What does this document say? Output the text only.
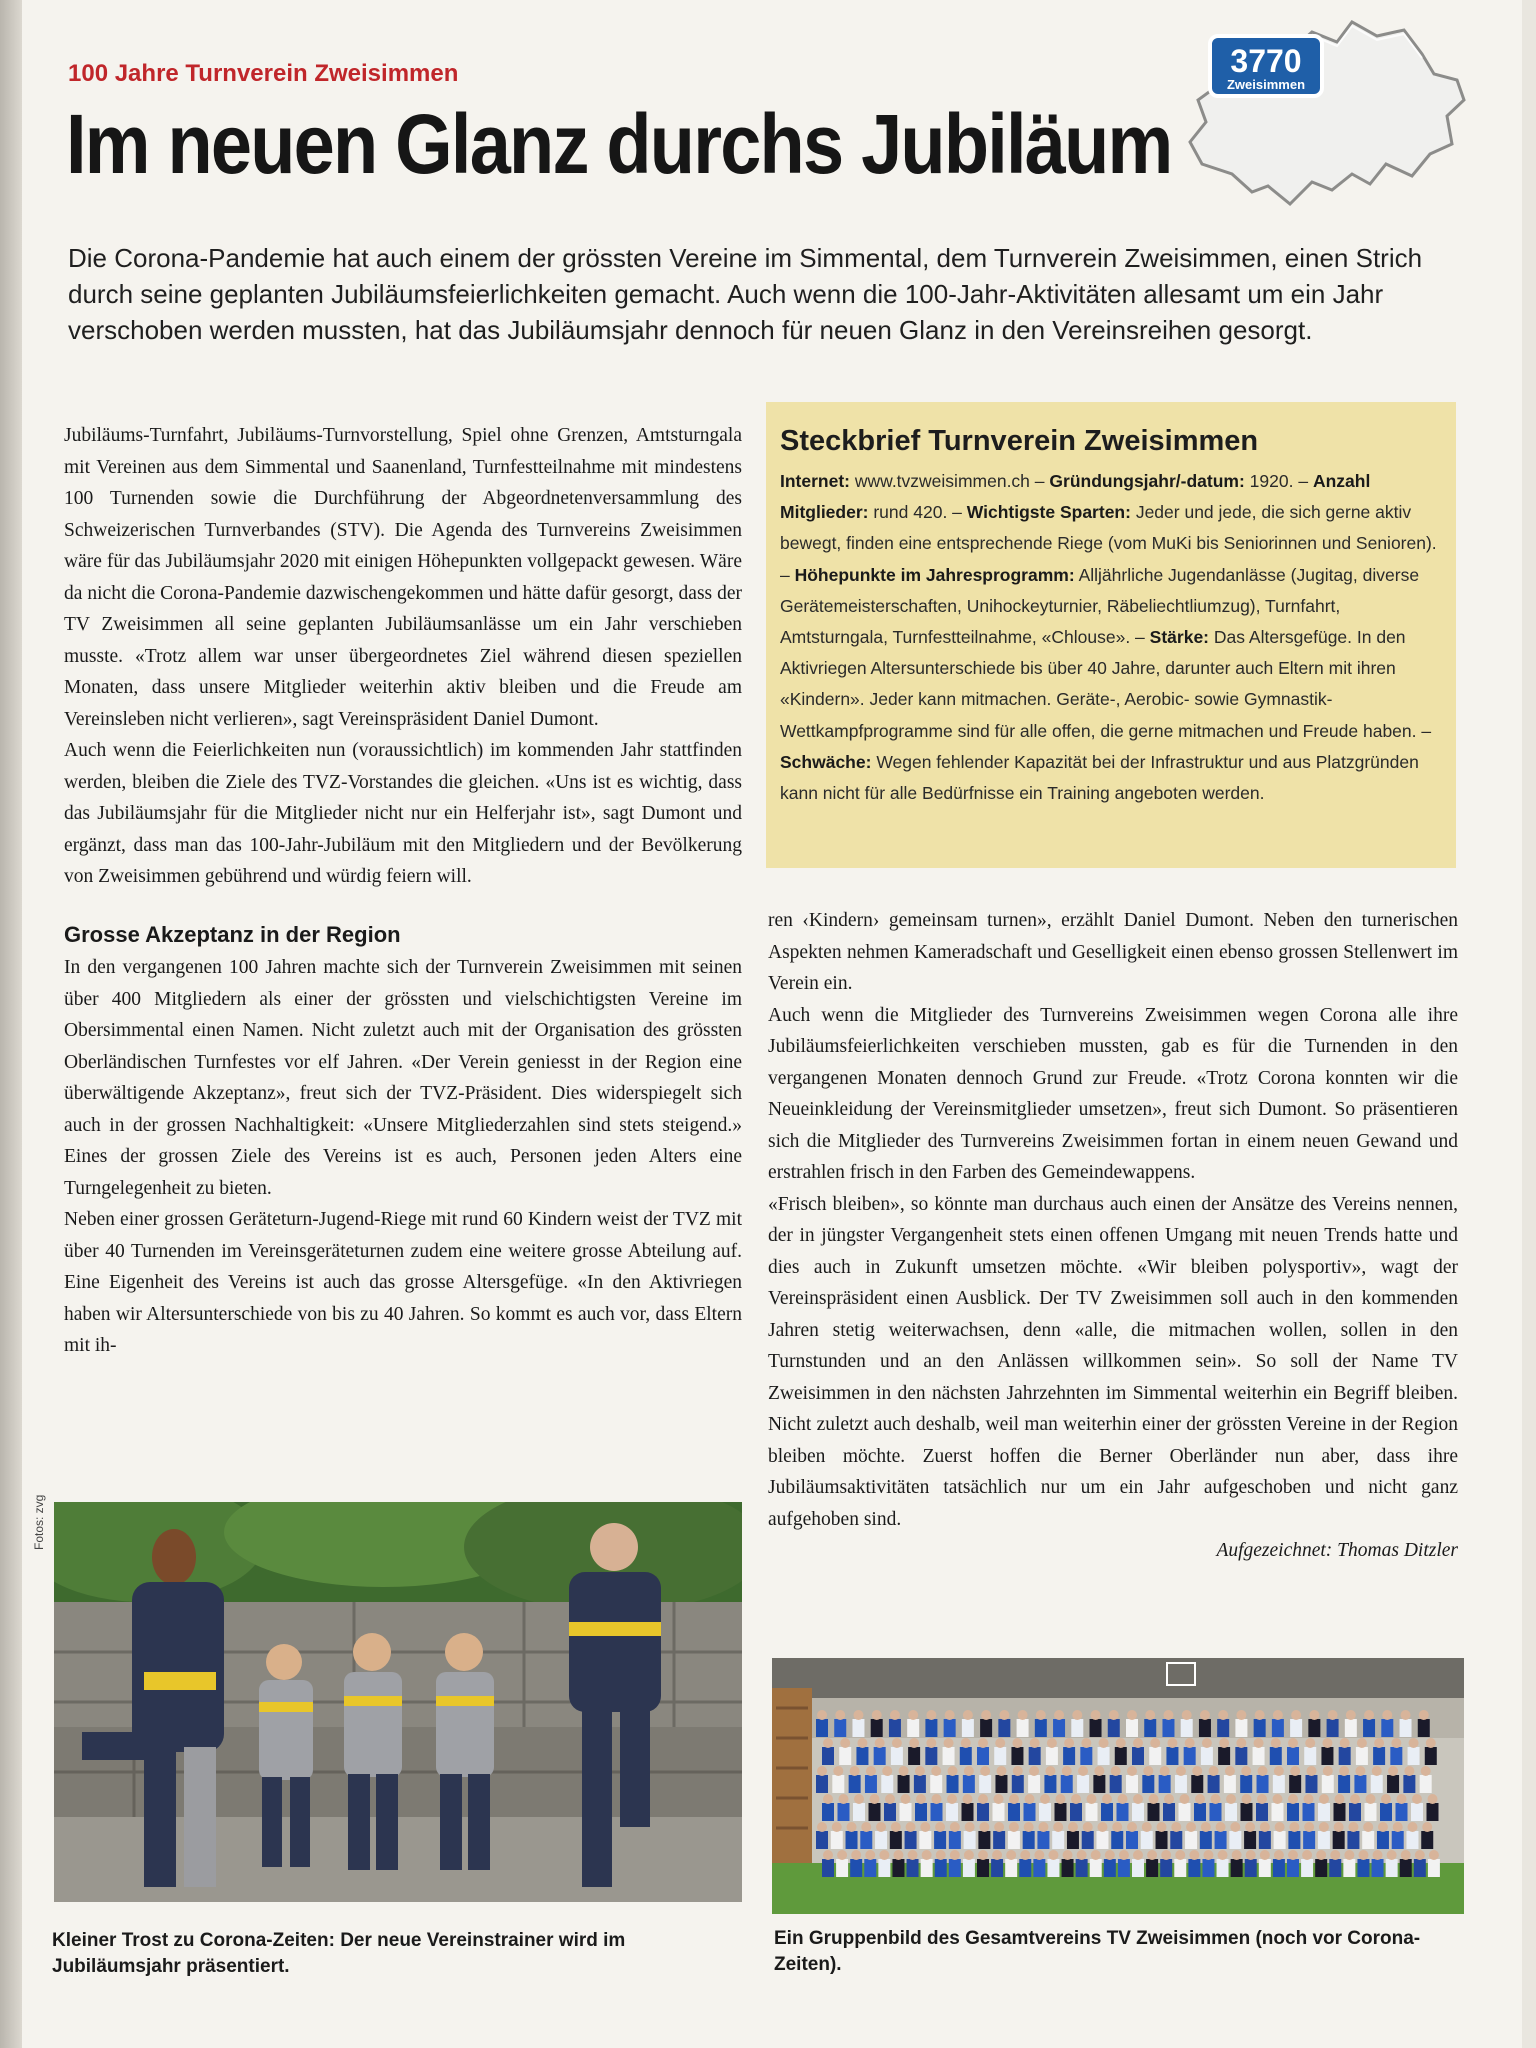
100 Jahre Turnverein Zweisimmen
Im neuen Glanz durchs Jubiläum
3770
Zweisimmen
Die Corona-Pandemie hat auch einem der grössten Vereine im Simmental, dem Turnverein Zweisimmen, einen Strich durch seine geplanten Jubiläumsfeierlichkeiten gemacht. Auch wenn die 100-Jahr-Aktivitäten allesamt um ein Jahr verschoben werden mussten, hat das Jubiläumsjahr dennoch für neuen Glanz in den Vereinsreihen gesorgt.

Jubiläums-Turnfahrt, Jubiläums-Turnvorstellung, Spiel ohne Grenzen, Amtsturngala mit Vereinen aus dem Simmental und Saanenland, Turnfestteilnahme mit mindestens 100 Turnenden sowie die Durchführung der Abgeordnetenversammlung des Schweizerischen Turnverbandes (STV). Die Agenda des Turnvereins Zweisimmen wäre für das Jubiläumsjahr 2020 mit einigen Höhepunkten vollgepackt gewesen. Wäre da nicht die Corona-Pandemie dazwischengekommen und hätte dafür gesorgt, dass der TV Zweisimmen all seine geplanten Jubiläumsanlässe um ein Jahr verschieben musste. «Trotz allem war unser übergeordnetes Ziel während diesen speziellen Monaten, dass unsere Mitglieder weiterhin aktiv bleiben und die Freude am Vereinsleben nicht verlieren», sagt Vereinspräsident Daniel Dumont.

Auch wenn die Feierlichkeiten nun (voraussichtlich) im kommenden Jahr stattfinden werden, bleiben die Ziele des TVZ-Vorstandes die gleichen. «Uns ist es wichtig, dass das Jubiläumsjahr für die Mitglieder nicht nur ein Helferjahr ist», sagt Dumont und ergänzt, dass man das 100-Jahr-Jubiläum mit den Mitgliedern und der Bevölkerung von Zweisimmen gebührend und würdig feiern will.

Grosse Akzeptanz in der Region

In den vergangenen 100 Jahren machte sich der Turnverein Zweisimmen mit seinen über 400 Mitgliedern als einer der grössten und vielschichtigsten Vereine im Obersimmental einen Namen. Nicht zuletzt auch mit der Organisation des grössten Oberländischen Turnfestes vor elf Jahren. «Der Verein geniesst in der Region eine überwältigende Akzeptanz», freut sich der TVZ-Präsident. Dies widerspiegelt sich auch in der grossen Nachhaltigkeit: «Unsere Mitgliederzahlen sind stets steigend.» Eines der grossen Ziele des Vereins ist es auch, Personen jeden Alters eine Turngelegenheit zu bieten.

Neben einer grossen Geräteturn-Jugend-Riege mit rund 60 Kindern weist der TVZ mit über 40 Turnenden im Vereinsgeräteturnen zudem eine weitere grosse Abteilung auf. Eine Eigenheit des Vereins ist auch das grosse Altersgefüge. «In den Aktivriegen haben wir Altersunterschiede von bis zu 40 Jahren. So kommt es auch vor, dass Eltern mit ih-

Steckbrief Turnverein Zweisimmen
Internet: www.tvzweisimmen.ch – Gründungsjahr/-datum: 1920. – Anzahl Mitglieder: rund 420. – Wichtigste Sparten: Jeder und jede, die sich gerne aktiv bewegt, finden eine entsprechende Riege (vom MuKi bis Seniorinnen und Senioren). – Höhepunkte im Jahresprogramm: Alljährliche Jugendanlässe (Jugitag, diverse Gerätemeisterschaften, Unihockeyturnier, Räbeliechtliumzug), Turnfahrt, Amtsturngala, Turnfestteilnahme, «Chlouse». – Stärke: Das Altersgefüge. In den Aktivriegen Altersunterschiede bis über 40 Jahre, darunter auch Eltern mit ihren «Kindern». Jeder kann mitmachen. Geräte-, Aerobic- sowie Gymnastik-Wettkampfprogramme sind für alle offen, die gerne mitmachen und Freude haben. – Schwäche: Wegen fehlender Kapazität bei der Infrastruktur und aus Platzgründen kann nicht für alle Bedürfnisse ein Training angeboten werden.

ren ‹Kindern› gemeinsam turnen», erzählt Daniel Dumont. Neben den turnerischen Aspekten nehmen Kameradschaft und Geselligkeit einen ebenso grossen Stellenwert im Verein ein.

Auch wenn die Mitglieder des Turnvereins Zweisimmen wegen Corona alle ihre Jubiläumsfeierlichkeiten verschieben mussten, gab es für die Turnenden in den vergangenen Monaten dennoch Grund zur Freude. «Trotz Corona konnten wir die Neueinkleidung der Vereinsmitglieder umsetzen», freut sich Dumont. So präsentieren sich die Mitglieder des Turnvereins Zweisimmen fortan in einem neuen Gewand und erstrahlen frisch in den Farben des Gemeindewappens.

«Frisch bleiben», so könnte man durchaus auch einen der Ansätze des Vereins nennen, der in jüngster Vergangenheit stets einen offenen Umgang mit neuen Trends hatte und dies auch in Zukunft umsetzen möchte. «Wir bleiben polysportiv», wagt der Vereinspräsident einen Ausblick. Der TV Zweisimmen soll auch in den kommenden Jahren stetig weiterwachsen, denn «alle, die mitmachen wollen, sollen in den Turnstunden und an den Anlässen willkommen sein». So soll der Name TV Zweisimmen in den nächsten Jahrzehnten im Simmental weiterhin ein Begriff bleiben. Nicht zuletzt auch deshalb, weil man weiterhin einer der grössten Vereine in der Region bleiben möchte. Zuerst hoffen die Berner Oberländer nun aber, dass ihre Jubiläumsaktivitäten tatsächlich nur um ein Jahr aufgeschoben und nicht ganz aufgehoben sind.

Aufgezeichnet: Thomas Ditzler

Fotos: zvg
Kleiner Trost zu Corona-Zeiten: Der neue Vereinstrainer wird im Jubiläumsjahr präsentiert.
Ein Gruppenbild des Gesamtvereins TV Zweisimmen (noch vor Corona-Zeiten).
